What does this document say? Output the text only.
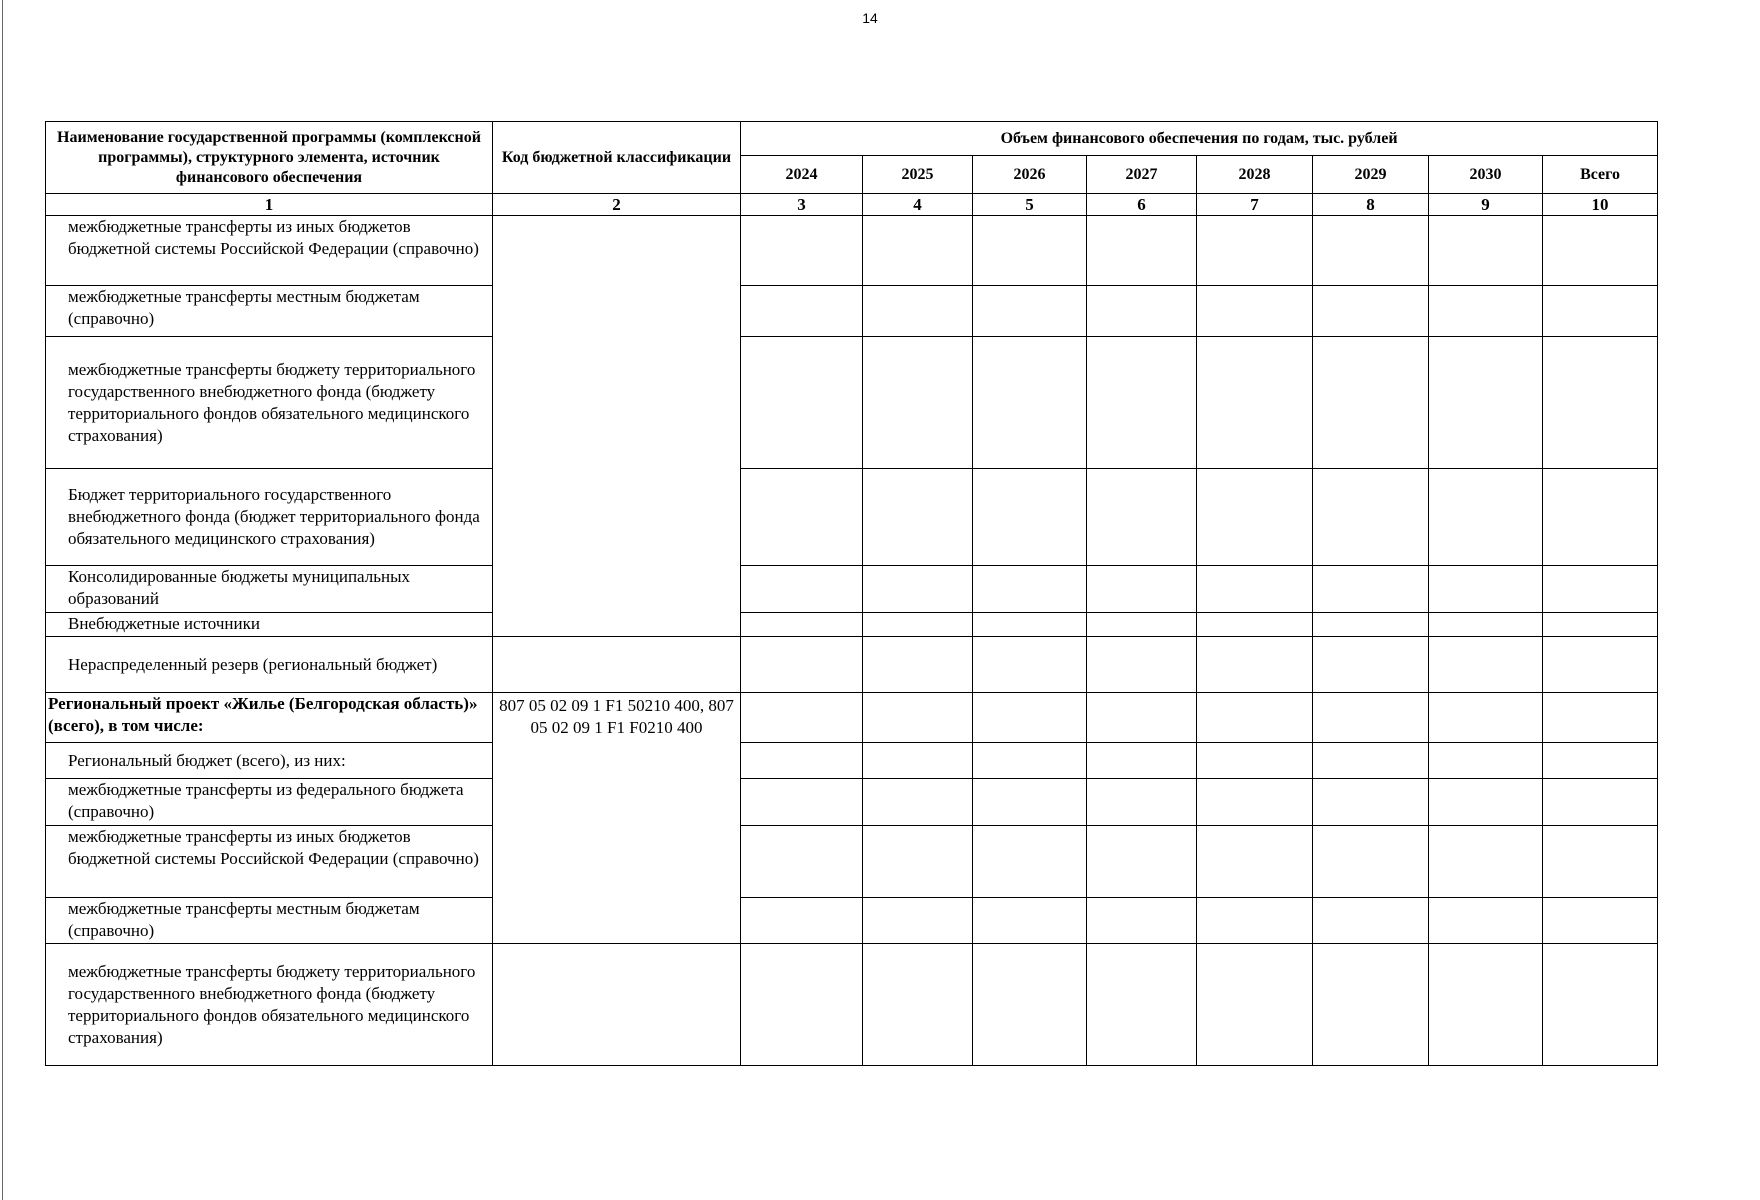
14
Наименование государственной программы (комплексной программы), структурного элемента, источник финансового обеспечения	Код бюджетной классификации	Объем финансового обеспечения по годам, тыс. рублей							
		2024	2025	2026	2027	2028	2029	2030	Всего
1	2	3	4	5	6	7	8	9	10
межбюджетные трансферты из иных бюджетов бюджетной системы Российской Федерации (справочно)									
межбюджетные трансферты местным бюджетам (справочно)									
межбюджетные трансферты бюджету территориального государственного внебюджетного фонда (бюджету территориального фондов обязательного медицинского страхования)									
Бюджет территориального государственного внебюджетного фонда (бюджет территориального фонда обязательного медицинского страхования)									
Консолидированные бюджеты муниципальных образований									
Внебюджетные источники									
Нераспределенный резерв (региональный бюджет)									
Региональный проект «Жилье (Белгородская область)» (всего), в том числе:	807 05 02 09 1 F1 50210 400, 807 05 02 09 1 F1 F0210 400								
Региональный бюджет (всего), из них:									
межбюджетные трансферты из федерального бюджета (справочно)									
межбюджетные трансферты из иных бюджетов бюджетной системы Российской Федерации (справочно)									
межбюджетные трансферты местным бюджетам (справочно)									
межбюджетные трансферты бюджету территориального государственного внебюджетного фонда (бюджету территориального фондов обязательного медицинского страхования)									
